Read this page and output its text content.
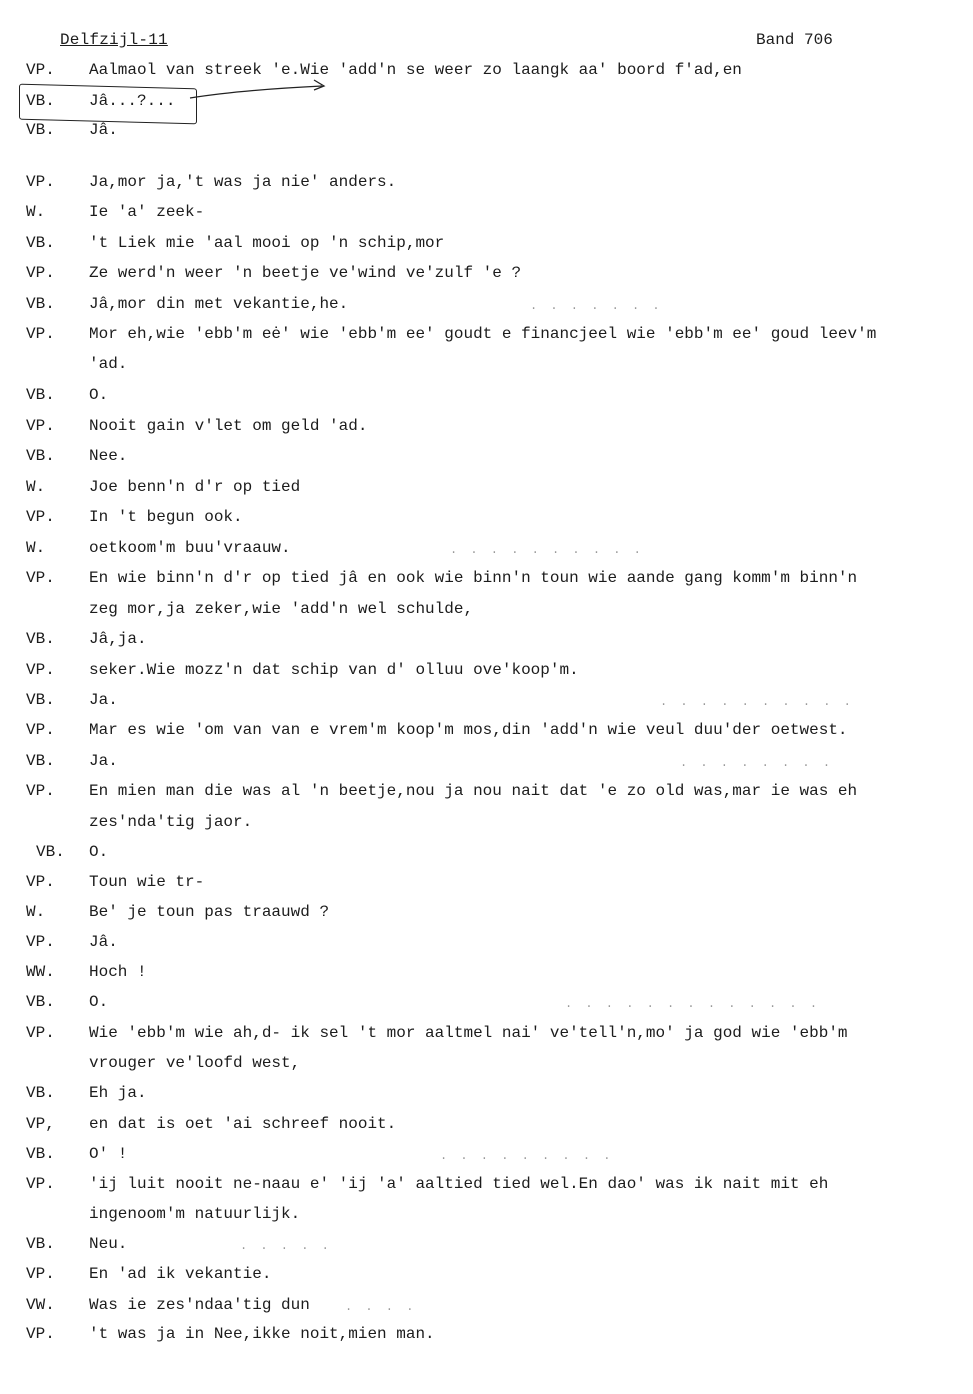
Delfzijl-11	Band 706
VP. Aalmaol van streek 'e.Wie 'add'n se weer zo laangk aa' boord f'ad,en
VB. Jâ...?...
VB. Jâ.
VP. Ja,mor ja,'t was ja nie' anders.
W.	Ie 'a' zeek-
VB. 't Liek mie 'aal mooi op 'n schip,mor
VP. Ze werd'n weer 'n beetje ve'wind ve'zulf 'e ?
VB. Jâ,mor din met vekantie,he.	. . . . . . .
VP. Mor eh,wie 'ebb'm eė' wie 'ebb'm ee' goudt e financjeel wie 'ebb'm ee' goud leev'm
'ad.
VB. O.
VP. Nooit gain v'let om geld 'ad.
VB. Nee.
W.	Joe benn'n d'r op tied
VP. In 't begun ook.
W.	oetkoom'm buu'vraauw.	. . . . . . . . . .
VP. En wie binn'n d'r op tied jâ en ook wie binn'n toun wie aande gang komm'm binn'n
zeg mor,ja zeker,wie 'add'n wel schulde,
VB. Jâ,ja.
VP. seker.Wie mozz'n dat schip van d' olluu ove'koop'm.
VB. Ja.	. . . . . . . . . .
VP. Mar es wie 'om van van e vrem'm koop'm mos,din 'add'n wie veul duu'der oetwest.
VB. Ja.	. . . . . . . .
VP. En mien man die was al 'n beetje,nou ja nou nait dat 'e zo old was,mar ie was eh
zes'nda'tig jaor.
VB. O.
VP. Toun wie tr-
W.	Be' je toun pas traauwd ?
VP. Jâ.
WW. Hoch !
VB. O.	. . . . . . . . . . . . .
VP. Wie 'ebb'm wie ah,d- ik sel 't mor aaltmel nai' ve'tell'n,mo' ja god wie 'ebb'm
vrouger ve'loofd west,
VB. Eh ja.
VP, en dat is oet 'ai schreef nooit.
VB. O' !	. . . . . . . . .
VP. 'ij luit nooit ne-naau e' 'ij 'a' aaltied tied wel.En dao' was ik nait mit eh
ingenoom'm natuurlijk.
VB. Neu.	. . . . .
VP. En 'ad ik vekantie.
VW. Was ie zes'ndaa'tig dun	. . . .
VP. 't was ja in Nee,ikke noit,mien man.
